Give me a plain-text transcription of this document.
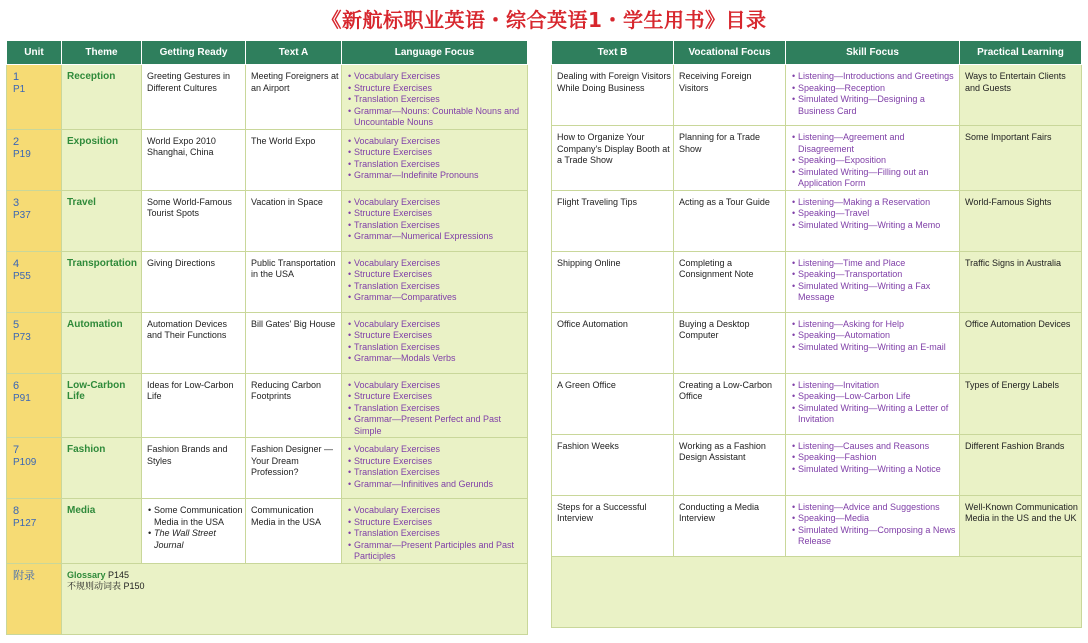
《新航标职业英语・综合英语1・学生用书》目录
Unit	Theme	Getting Ready	Text A	Language Focus
1
P1	Reception	Greeting Gestures in Different Cultures	Meeting Foreigners at an Airport	• Vocabulary Exercises
• Structure Exercises
• Translation Exercises
• Grammar—Nouns: Countable Nouns and Uncountable Nouns

2
P19	Exposition	World Expo 2010 Shanghai, China	The World Expo	• Vocabulary Exercises
• Structure Exercises
• Translation Exercises
• Grammar—Indefinite Pronouns

3
P37	Travel	Some World-Famous Tourist Spots	Vacation in Space	• Vocabulary Exercises
• Structure Exercises
• Translation Exercises
• Grammar—Numerical Expressions

4
P55	Transportation	Giving Directions	Public Transportation in the USA	• Vocabulary Exercises
• Structure Exercises
• Translation Exercises
• Grammar—Comparatives

5
P73	Automation	Automation Devices and Their Functions	Bill Gates' Big House	• Vocabulary Exercises
• Structure Exercises
• Translation Exercises
• Grammar—Modals Verbs

6
P91	Low-Carbon Life	Ideas for Low-Carbon Life	Reducing Carbon Footprints	• Vocabulary Exercises
• Structure Exercises
• Translation Exercises
• Grammar—Present Perfect and Past Simple

7
P109	Fashion	Fashion Brands and Styles	Fashion Designer — Your Dream Profession?	• Vocabulary Exercises
• Structure Exercises
• Translation Exercises
• Grammar—Infinitives and Gerunds

8
P127	Media	• Some Communication Media in the USA
• The Wall Street Journal	Communication Media in the USA	• Vocabulary Exercises
• Structure Exercises
• Translation Exercises
• Grammar—Present Participles and Past Participles

附录	Glossary P145
不规则动词表 P150			
Text B	Vocational Focus	Skill Focus	Practical Learning
Dealing with Foreign Visitors While Doing Business	Receiving Foreign Visitors	• Listening—Introductions and Greetings
• Speaking—Reception
• Simulated Writing—Designing a Business Card	Ways to Entertain Clients and Guests
How to Organize Your Company's Display Booth at a Trade Show	Planning for a Trade Show	• Listening—Agreement and Disagreement
• Speaking—Exposition
• Simulated Writing—Filling out an Application Form	Some Important Fairs
Flight Traveling Tips	Acting as a Tour Guide	• Listening—Making a Reservation
• Speaking—Travel
• Simulated Writing—Writing a Memo	World-Famous Sights
Shipping Online	Completing a Consignment Note	• Listening—Time and Place
• Speaking—Transportation
• Simulated Writing—Writing a Fax Message	Traffic Signs in Australia
Office Automation	Buying a Desktop Computer	• Listening—Asking for Help
• Speaking—Automation
• Simulated Writing—Writing an E-mail	Office Automation Devices
A Green Office	Creating a Low-Carbon Office	• Listening—Invitation
• Speaking—Low-Carbon Life
• Simulated Writing—Writing a Letter of Invitation	Types of Energy Labels
Fashion Weeks	Working as a Fashion Design Assistant	• Listening—Causes and Reasons
• Speaking—Fashion
• Simulated Writing—Writing a Notice	Different Fashion Brands
Steps for a Successful Interview	Conducting a Media Interview	• Listening—Advice and Suggestions
• Speaking—Media
• Simulated Writing—Composing a News Release	Well-Known Communication Media in the US and the UK
